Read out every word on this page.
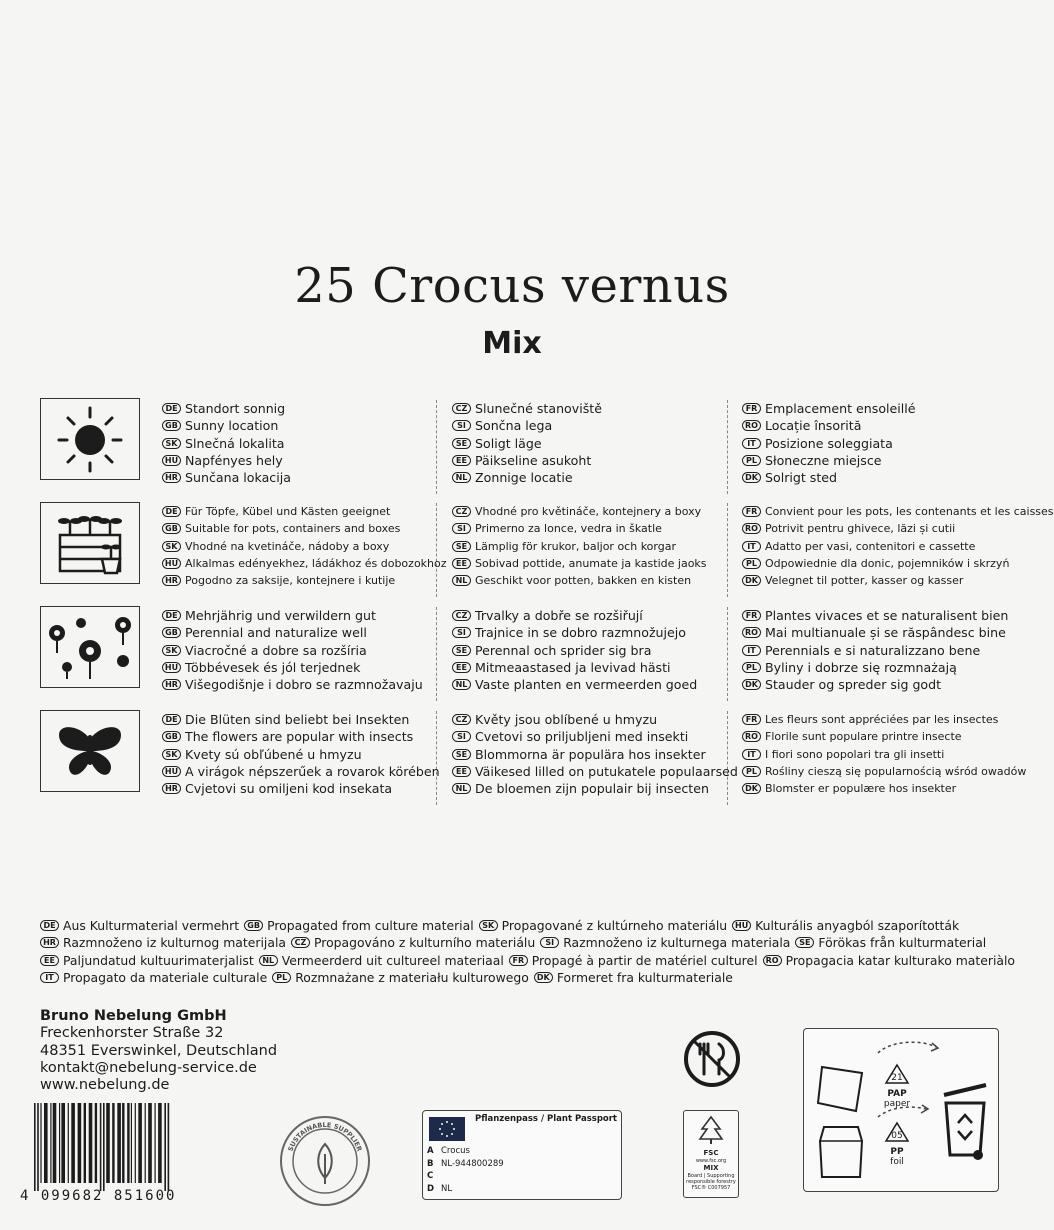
25 Crocus vernus
Mix
DE Standort sonnig
GB Sunny location
SK Slnečná lokalita
HU Napfényes hely
HR Sunčana lokacija
CZ Slunečné stanoviště
SI Sončna lega
SE Soligt läge
EE Päikseline asukoht
NL Zonnige locatie
FR Emplacement ensoleillé
RO Locație însorită
IT Posizione soleggiata
PL Słoneczne miejsce
DK Solrigt sted
DE Für Töpfe, Kübel und Kästen geeignet
GB Suitable for pots, containers and boxes
SK Vhodné na kvetináče, nádoby a boxy
HU Alkalmas edényekhez, ládákhoz és dobozokhoz
HR Pogodno za saksije, kontejnere i kutije
CZ Vhodné pro květináče, kontejnery a boxy
SI Primerno za lonce, vedra in škatle
SE Lämplig för krukor, baljor och korgar
EE Sobivad pottide, anumate ja kastide jaoks
NL Geschikt voor potten, bakken en kisten
FR Convient pour les pots, les contenants et les caisses
RO Potrivit pentru ghivece, lăzi și cutii
IT Adatto per vasi, contenitori e cassette
PL Odpowiednie dla donic, pojemników i skrzyń
DK Velegnet til potter, kasser og kasser
DE Mehrjährig und verwildern gut
GB Perennial and naturalize well
SK Viacročné a dobre sa rozšíria
HU Többévesek és jól terjednek
HR Višegodišnje i dobro se razmnožavaju
CZ Trvalky a dobře se rozšiřují
SI Trajnice in se dobro razmnožujejo
SE Perennal och sprider sig bra
EE Mitmeaastased ja levivad hästi
NL Vaste planten en vermeerden goed
FR Plantes vivaces et se naturalisent bien
RO Mai multianuale și se răspândesc bine
IT Perennials e si naturalizzano bene
PL Byliny i dobrze się rozmnażają
DK Stauder og spreder sig godt
DE Die Blüten sind beliebt bei Insekten
GB The flowers are popular with insects
SK Kvety sú obľúbené u hmyzu
HU A virágok népszerűek a rovarok körében
HR Cvjetovi su omiljeni kod insekata
CZ Květy jsou oblíbené u hmyzu
SI Cvetovi so priljubljeni med insekti
SE Blommorna är populära hos insekter
EE Väikesed lilled on putukatele populaarsed
NL De bloemen zijn populair bij insecten
FR Les fleurs sont appréciées par les insectes
RO Florile sunt populare printre insecte
IT I fiori sono popolari tra gli insetti
PL Rośliny cieszą się popularnością wśród owadów
DK Blomster er populære hos insekter
DE Aus Kulturmaterial vermehrt	GB Propagated from culture material	SK Propagované z kultúrneho materiálu HU Kulturális anyagból szaporították
HR Razmnoženo iz kulturnog materijala	CZ Propagováno z kulturního materiálu	SI Razmnoženo iz kulturnega materiala	SE Förökas från kulturmaterial
EE Paljundatud kultuurimaterjalist	NL Vermeerderd uit cultureel materiaal	FR Propagé à partir de matériel culturel	RO Propagacia katar kulturako materiàlo
IT Propagato da materiale culturale	PL Rozmnażane z materiału kulturowego	DK Formeret fra kulturmateriale
Bruno Nebelung GmbH
Freckenhorster Straße 32
48351 Everswinkel, Deutschland
kontakt@nebelung-service.de
www.nebelung.de
4 099682 851600
SUSTAINABLE SUPPLIER
Pflanzenpass / Plant Passport
A Crocus
B NL-944800289
C
D NL
FSC
www.fsc.org
MIX
Board | Supporting
responsible forestry
FSC® C007957
21
PAP
paper
05
PP
foil
